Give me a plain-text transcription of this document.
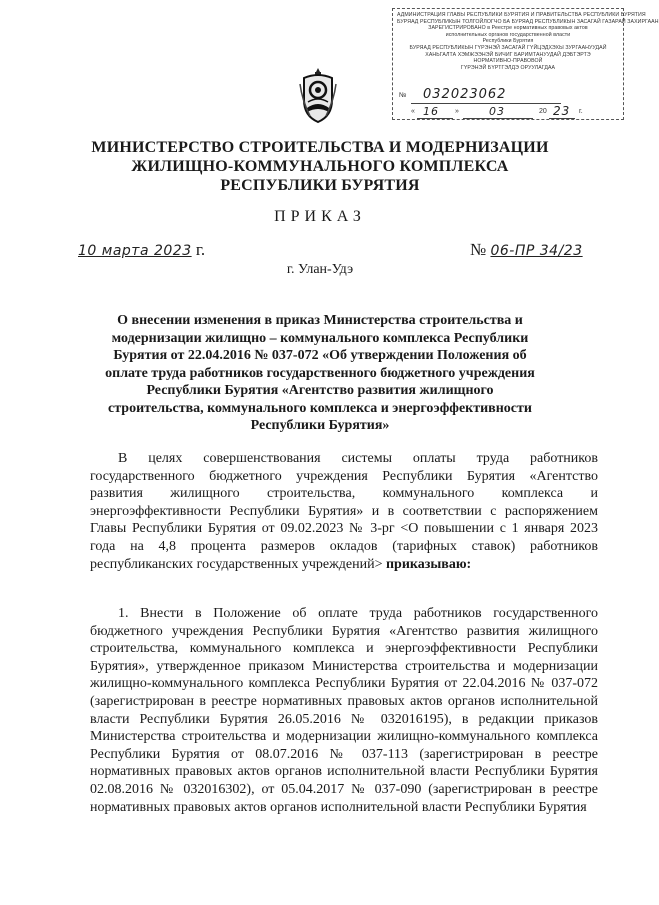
АДМИНИСТРАЦИЯ ГЛАВЫ РЕСПУБЛИКИ БУРЯТИЯ И ПРАВИТЕЛЬСТВА РЕСПУБЛИКИ БУРЯТИЯ
БУРЯАД РЕСПУБЛИКЫН ТОЛГОЙЛОГЧО БА БУРЯАД РЕСПУБЛИКЫН ЗАСАГАЙ ГАЗАРАЙ ЗАХИРГААН
ЗАРЕГИСТРИРОВАНО в Реестре нормативных правовых актов
исполнительных органов государственной власти
Республики Бурятия
БУРЯАД РЕСПУБЛИКЫН ГYРЭНЭЙ ЗАСАГАЙ ГYЙЦЭДХЭХЫ ЗУРГААНУУДАЙ
ХАНЬГАЛТА ХЭМЖЭЭНЭЙ БИЧИГ БАРИМТАНУУДАЙ ДЭБТЭРТЭ
НОРМАТИВНО-ПРАВОВОЙ
ГYРЭНЭЙ БYРТГЭЛДЭ ОРУУЛАГДАА
№ 032023062
« 16 »	03	20 23 г.
МИНИСТЕРСТВО СТРОИТЕЛЬСТВА И МОДЕРНИЗАЦИИ
ЖИЛИЩНО-КОММУНАЛЬНОГО КОМПЛЕКСА
РЕСПУБЛИКИ БУРЯТИЯ
ПРИКАЗ
10 марта 2023 г.	№ 06-ПР 34/23
г. Улан-Удэ
О внесении изменения в приказ Министерства строительства и модернизации жилищно – коммунального комплекса Республики Бурятия от 22.04.2016 № 037-072 «Об утверждении Положения об оплате труда работников государственного бюджетного учреждения Республики Бурятия «Агентство развития жилищного строительства, коммунального комплекса и энергоэффективности Республики Бурятия»
В целях совершенствования системы оплаты труда работников государственного бюджетного учреждения Республики Бурятия «Агентство развития жилищного строительства, коммунального комплекса и энергоэффективности Республики Бурятия» и в соответствии с распоряжением Главы Республики Бурятия от 09.02.2023 № 3-рг <О повышении с 1 января 2023 года на 4,8 процента размеров окладов (тарифных ставок) работников республиканских государственных учреждений> приказываю:
1. Внести в Положение об оплате труда работников государственного бюджетного учреждения Республики Бурятия «Агентство развития жилищного строительства, коммунального комплекса и энергоэффективности Республики Бурятия», утвержденное приказом Министерства строительства и модернизации жилищно-коммунального комплекса Республики Бурятия от 22.04.2016 № 037-072 (зарегистрирован в реестре нормативных правовых актов органов исполнительной власти Республики Бурятия 26.05.2016 № 032016195), в редакции приказов Министерства строительства и модернизации жилищно-коммунального комплекса Республики Бурятия от 08.07.2016 № 037-113 (зарегистрирован в реестре нормативных правовых актов органов исполнительной власти Республики Бурятия 02.08.2016 № 032016302), от 05.04.2017 № 037-090 (зарегистрирован в реестре нормативных правовых актов органов исполнительной власти Республики Бурятия
